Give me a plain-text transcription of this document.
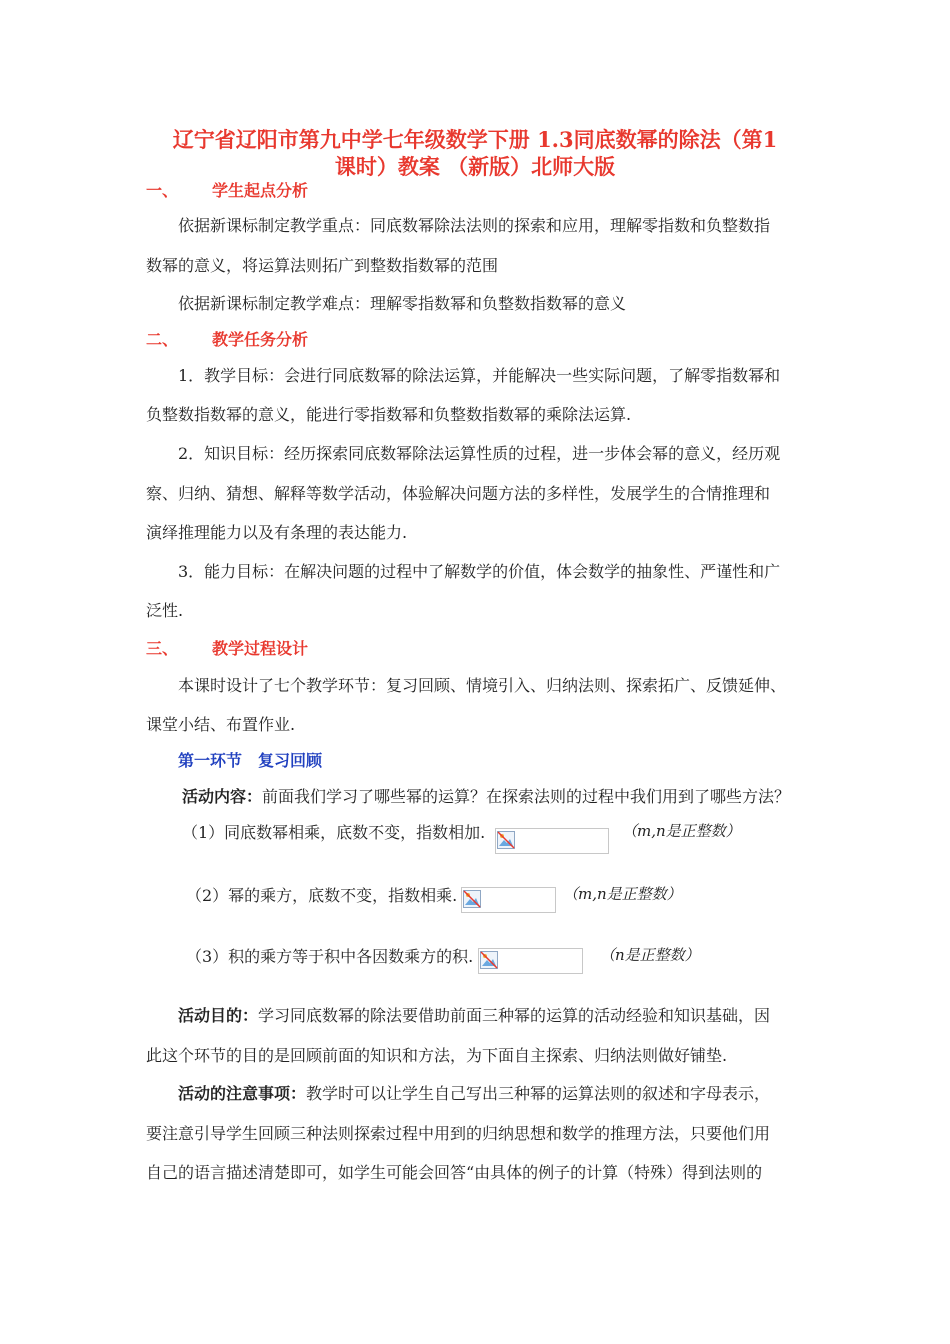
辽宁省辽阳市第九中学七年级数学下册 1.3同底数幂的除法（第1
课时）教案 （新版）北师大版
一、 学生起点分析
依据新课标制定教学重点：同底数幂除法法则的探索和应用，理解零指数和负整数指
数幂的意义，将运算法则拓广到整数指数幂的范围
依据新课标制定教学难点：理解零指数幂和负整数指数幂的意义
二、 教学任务分析
1．教学目标：会进行同底数幂的除法运算，并能解决一些实际问题，了解零指数幂和
负整数指数幂的意义，能进行零指数幂和负整数指数幂的乘除法运算.
2．知识目标：经历探索同底数幂除法运算性质的过程，进一步体会幂的意义，经历观
察、归纳、猜想、解释等数学活动，体验解决问题方法的多样性，发展学生的合情推理和
演绎推理能力以及有条理的表达能力.
3．能力目标：在解决问题的过程中了解数学的价值，体会数学的抽象性、严谨性和广
泛性.
三、 教学过程设计
本课时设计了七个教学环节：复习回顾、情境引入、归纳法则、探索拓广、反馈延伸、
课堂小结、布置作业.
第一环节　复习回顾
活动内容：前面我们学习了哪些幂的运算？在探索法则的过程中我们用到了哪些方法？
（1）同底数幂相乘，底数不变，指数相加.	（m,n是正整数）
（2）幂的乘方，底数不变，指数相乘.	（m,n是正整数）
（3）积的乘方等于积中各因数乘方的积.	（n是正整数）
活动目的：学习同底数幂的除法要借助前面三种幂的运算的活动经验和知识基础，因
此这个环节的目的是回顾前面的知识和方法，为下面自主探索、归纳法则做好铺垫.
活动的注意事项：教学时可以让学生自己写出三种幂的运算法则的叙述和字母表示，
要注意引导学生回顾三种法则探索过程中用到的归纳思想和数学的推理方法，只要他们用
自己的语言描述清楚即可，如学生可能会回答“由具体的例子的计算（特殊）得到法则的
